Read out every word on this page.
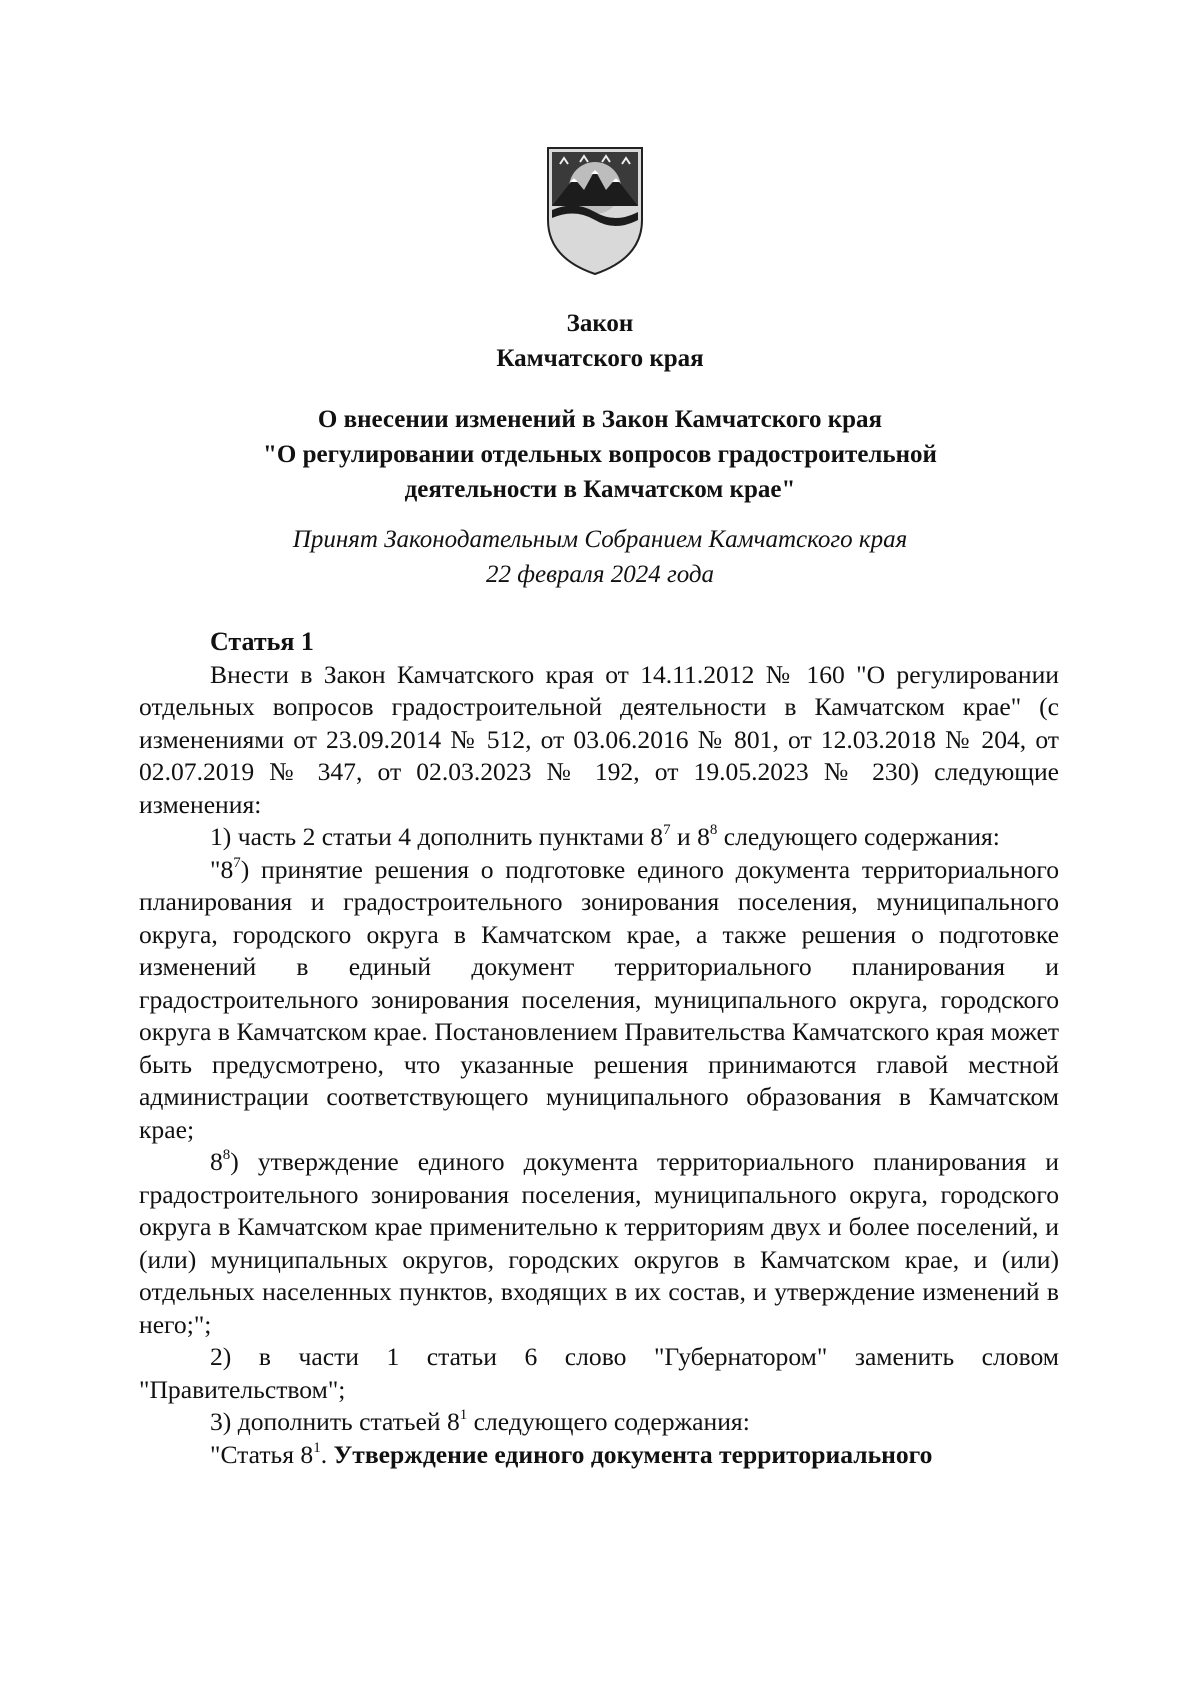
Закон
Камчатского края
О внесении изменений в Закон Камчатского края
"О регулировании отдельных вопросов градостроительной
деятельности в Камчатском крае"
Принят Законодательным Собранием Камчатского края
22 февраля 2024 года

Статья 1

Внести в Закон Камчатского края от 14.11.2012 № 160 "О регулировании отдельных вопросов градостроительной деятельности в Камчатском крае" (с изменениями от 23.09.2014 № 512, от 03.06.2016 № 801, от 12.03.2018 № 204, от 02.07.2019 № 347, от 02.03.2023 № 192, от 19.05.2023 № 230) следующие изменения:

1) часть 2 статьи 4 дополнить пунктами $8^7$ и $8^8$ следующего содержания:

"$8^7$) принятие решения о подготовке единого документа территориального планирования и градостроительного зонирования поселения, муниципального округа, городского округа в Камчатском крае, а также решения о подготовке изменений в единый документ территориального планирования и градостроительного зонирования поселения, муниципального округа, городского округа в Камчатском крае. Постановлением Правительства Камчатского края может быть предусмотрено, что указанные решения принимаются главой местной администрации соответствующего муниципального образования в Камчатском крае;

$8^8$) утверждение единого документа территориального планирования и градостроительного зонирования поселения, муниципального округа, городского округа в Камчатском крае применительно к территориям двух и более поселений, и (или) муниципальных округов, городских округов в Камчатском крае, и (или) отдельных населенных пунктов, входящих в их состав, и утверждение изменений в него;";

2) в части 1 статьи 6 слово "Губернатором" заменить словом "Правительством";

3) дополнить статьей $8^1$ следующего содержания:

"Статья $8^1$. Утверждение единого документа территориального
